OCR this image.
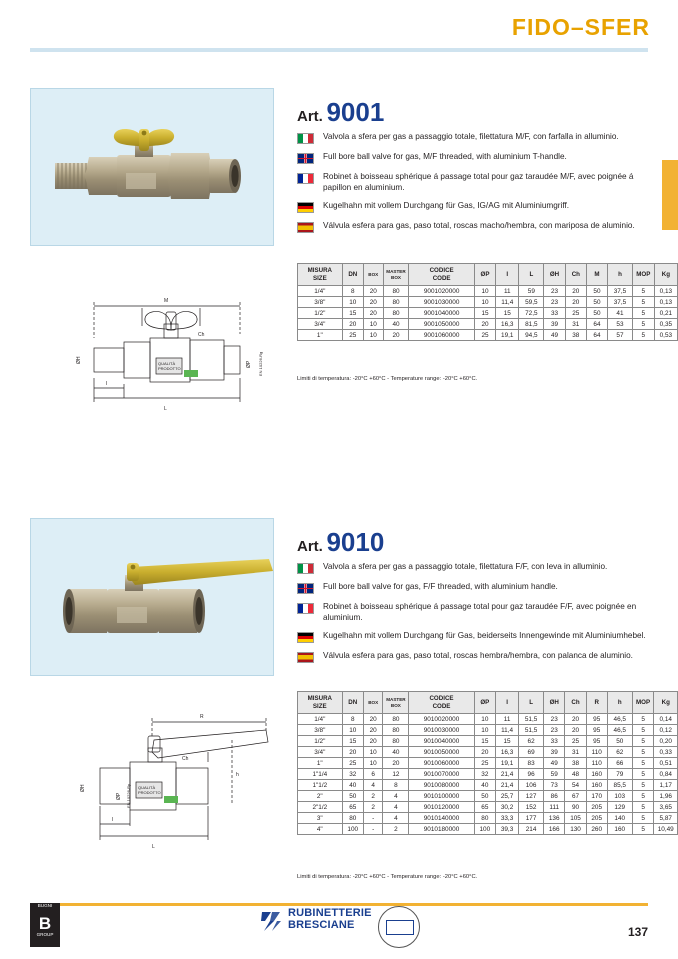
FIDO–SFER
Art. 9001
Valvola a sfera per gas a passaggio totale, filettatura M/F, con farfalla in alluminio.
Full bore ball valve for gas, M/F threaded, with aluminium T-handle.
Robinet à boisseau sphérique á passage total pour gaz taraudée M/F, avec poignée á papillon en aluminium.
Kugelhahn mit vollem Durchgang für Gas, IG/AG mit Aluminiumgriff.
Válvula esfera para gas, paso total, roscas macho/hembra, con mariposa de aluminio.
M
Ch
ØH
ØP EN 10226-Rg
I
L
QUALITÀ
PRODOTTO
MISURA
SIZE	DN	BOX	MASTER
BOX	CODICE
CODE	ØP	I	L	ØH	Ch	M	h	MOP	Kg
1/4"	8	20	80	9001020000	10	11	59	23	20	50	37,5	5	0,13
3/8"	10	20	80	9001030000	10	11,4	59,5	23	20	50	37,5	5	0,13
1/2"	15	20	80	9001040000	15	15	72,5	33	25	50	41	5	0,21
3/4"	20	10	40	9001050000	20	16,3	81,5	39	31	64	53	5	0,35
1"	25	10	20	9001060000	25	19,1	94,5	49	38	64	57	5	0,53
Limiti di temperatura: -20°C +60°C - Temperature range: -20°C +60°C.
Art. 9010
Valvola a sfera per gas a passaggio totale, filettatura F/F, con leva in alluminio.
Full bore ball valve for gas, F/F threaded, with aluminium handle.
Robinet à boisseau sphérique á passage total pour gaz taraudée F/F, avec poignée en aluminium.
Kugelhahn mit vollem Durchgang für Gas, beiderseits Innengewinde mit Aluminiumhebel.
Válvula esfera para gas, paso total, roscas hembra/hembra, con palanca de aluminio.
R
Ch
h
ØH
ØP EN 10226-Rp
I
L
QUALITÀ
PRODOTTO
MISURA
SIZE	DN	BOX	MASTER
BOX	CODICE
CODE	ØP	I	L	ØH	Ch	R	h	MOP	Kg
1/4"	8	20	80	9010020000	10	11	51,5	23	20	95	46,5	5	0,14
3/8"	10	20	80	9010030000	10	11,4	51,5	23	20	95	46,5	5	0,12
1/2"	15	20	80	9010040000	15	15	62	33	25	95	50	5	0,20
3/4"	20	10	40	9010050000	20	16,3	69	39	31	110	62	5	0,33
1"	25	10	20	9010060000	25	19,1	83	49	38	110	66	5	0,51
1"1/4	32	6	12	9010070000	32	21,4	96	59	48	160	79	5	0,84
1"1/2	40	4	8	9010080000	40	21,4	106	73	54	160	85,5	5	1,17
2"	50	2	4	9010100000	50	25,7	127	86	67	170	103	5	1,96
2"1/2	65	2	4	9010120000	65	30,2	152	111	90	205	129	5	3,65
3"	80	-	4	9010140000	80	33,3	177	136	105	205	140	5	5,87
4"	100	-	2	9010180000	100	39,3	214	166	130	260	160	5	10,49
Limiti di temperatura: -20°C +60°C - Temperature range: -20°C +60°C.
BUGNI
B
GROUP
RUBINETTERIE
BRESCIANE
137
